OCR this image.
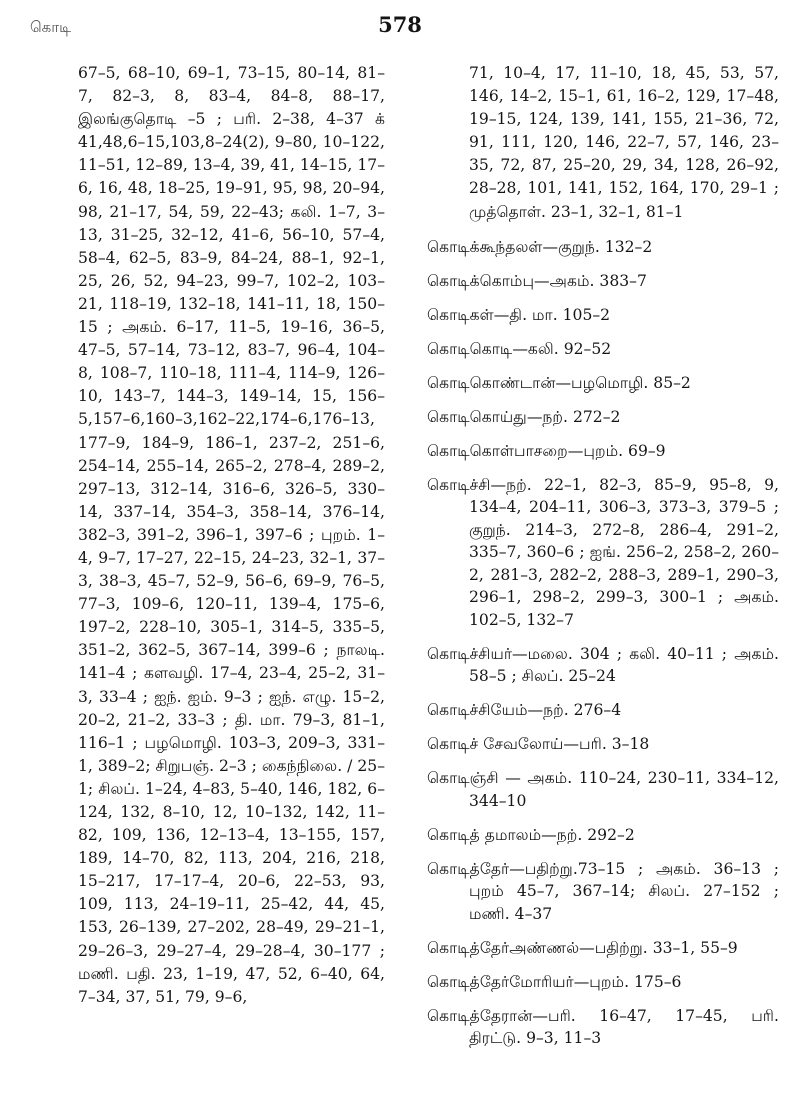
கொடி	578

67–5, 68–10, 69–1, 73–15, 80–14, 81–7, 82–3, 8, 83–4, 84–8, 88–17, இலங்குதொடி –5 ; பரி. 2–38, 4–37 க் 41,48,6–15,103,8–24(2), 9–80, 10–122, 11–51, 12–89, 13–4, 39, 41, 14–15, 17–6, 16, 48, 18–25, 19–91, 95, 98, 20–94, 98, 21–17, 54, 59, 22–43; கலி. 1–7, 3–13, 31–25, 32–12, 41–6, 56–10, 57–4, 58–4, 62–5, 83–9, 84–24, 88–1, 92–1, 25, 26, 52, 94–23, 99–7, 102–2, 103–21, 118–19, 132–18, 141–11, 18, 150–15 ; அகம். 6–17, 11–5, 19–16, 36–5, 47–5, 57–14, 73–12, 83–7, 96–4, 104–8, 108–7, 110–18, 111–4, 114–9, 126–10, 143–7, 144–3, 149–14, 15, 156–5,157–6,160–3,162–22,174–6,176–13, 177–9, 184–9, 186–1, 237–2, 251–6, 254–14, 255–14, 265–2, 278–4, 289–2, 297–13, 312–14, 316–6, 326–5, 330–14, 337–14, 354–3, 358–14, 376–14, 382–3, 391–2, 396–1, 397–6 ; புறம். 1–4, 9–7, 17–27, 22–15, 24–23, 32–1, 37–3, 38–3, 45–7, 52–9, 56–6, 69–9, 76–5, 77–3, 109–6, 120–11, 139–4, 175–6, 197–2, 228–10, 305–1, 314–5, 335–5, 351–2, 362–5, 367–14, 399–6 ; நாலடி. 141–4 ; களவழி. 17–4, 23–4, 25–2, 31–3, 33–4 ; ஐந். ஐம். 9–3 ; ஐந். எழு. 15–2, 20–2, 21–2, 33–3 ; தி. மா. 79–3, 81–1, 116–1 ; பழமொழி. 103–3, 209–3, 331–1, 389–2; சிறுபஞ். 2–3 ; கைந்நிலை. / 25–1; சிலப். 1–24, 4–83, 5–40, 146, 182, 6–124, 132, 8–10, 12, 10–132, 142, 11–82, 109, 136, 12–13–4, 13–155, 157, 189, 14–70, 82, 113, 204, 216, 218, 15–217, 17–17–4, 20–6, 22–53, 93, 109, 113, 24–19–11, 25–42, 44, 45, 153, 26–139, 27–202, 28–49, 29–21–1, 29–26–3, 29–27–4, 29–28–4, 30–177 ; மணி. பதி. 23, 1–19, 47, 52, 6–40, 64, 7–34, 37, 51, 79, 9–6,

71, 10–4, 17, 11–10, 18, 45, 53, 57, 146, 14–2, 15–1, 61, 16–2, 129, 17–48, 19–15, 124, 139, 141, 155, 21–36, 72, 91, 111, 120, 146, 22–7, 57, 146, 23–35, 72, 87, 25–20, 29, 34, 128, 26–92, 28–28, 101, 141, 152, 164, 170, 29–1 ; முத்தொள். 23–1, 32–1, 81–1

கொடிக்கூந்தலள்—குறுந். 132–2
கொடிக்கொம்பு—அகம். 383–7
கொடிகள்—தி. மா. 105–2
கொடிகொடி—கலி. 92–52
கொடிகொண்டான்—பழமொழி. 85–2
கொடிகொய்து—நற். 272–2
கொடிகொள்பாசறை—புறம். 69–9
கொடிச்சி—நற். 22–1, 82–3, 85–9, 95–8, 9, 134–4, 204–11, 306–3, 373–3, 379–5 ; குறுந். 214–3, 272–8, 286–4, 291–2, 335–7, 360–6 ; ஐங். 256–2, 258–2, 260–2, 281–3, 282–2, 288–3, 289–1, 290–3, 296–1, 298–2, 299–3, 300–1 ; அகம். 102–5, 132–7
கொடிச்சியர்—மலை. 304 ; கலி. 40–11 ; அகம். 58–5 ; சிலப். 25–24
கொடிச்சியேம்—நற். 276–4
கொடிச் சேவலோய்—பரி. 3–18
கொடிஞ்சி — அகம். 110–24, 230–11, 334–12, 344–10
கொடித் தமாலம்—நற். 292–2
கொடித்தேர்—பதிற்று.73–15 ; அகம். 36–13 ; புறம் 45–7, 367–14; சிலப். 27–152 ; மணி. 4–37
கொடித்தேர்அண்ணல்—பதிற்று. 33–1, 55–9
கொடித்தேர்மோரியர்—புறம். 175–6
கொடித்தேரான்—பரி. 16–47, 17–45, பரி. திரட்டு. 9–3, 11–3
